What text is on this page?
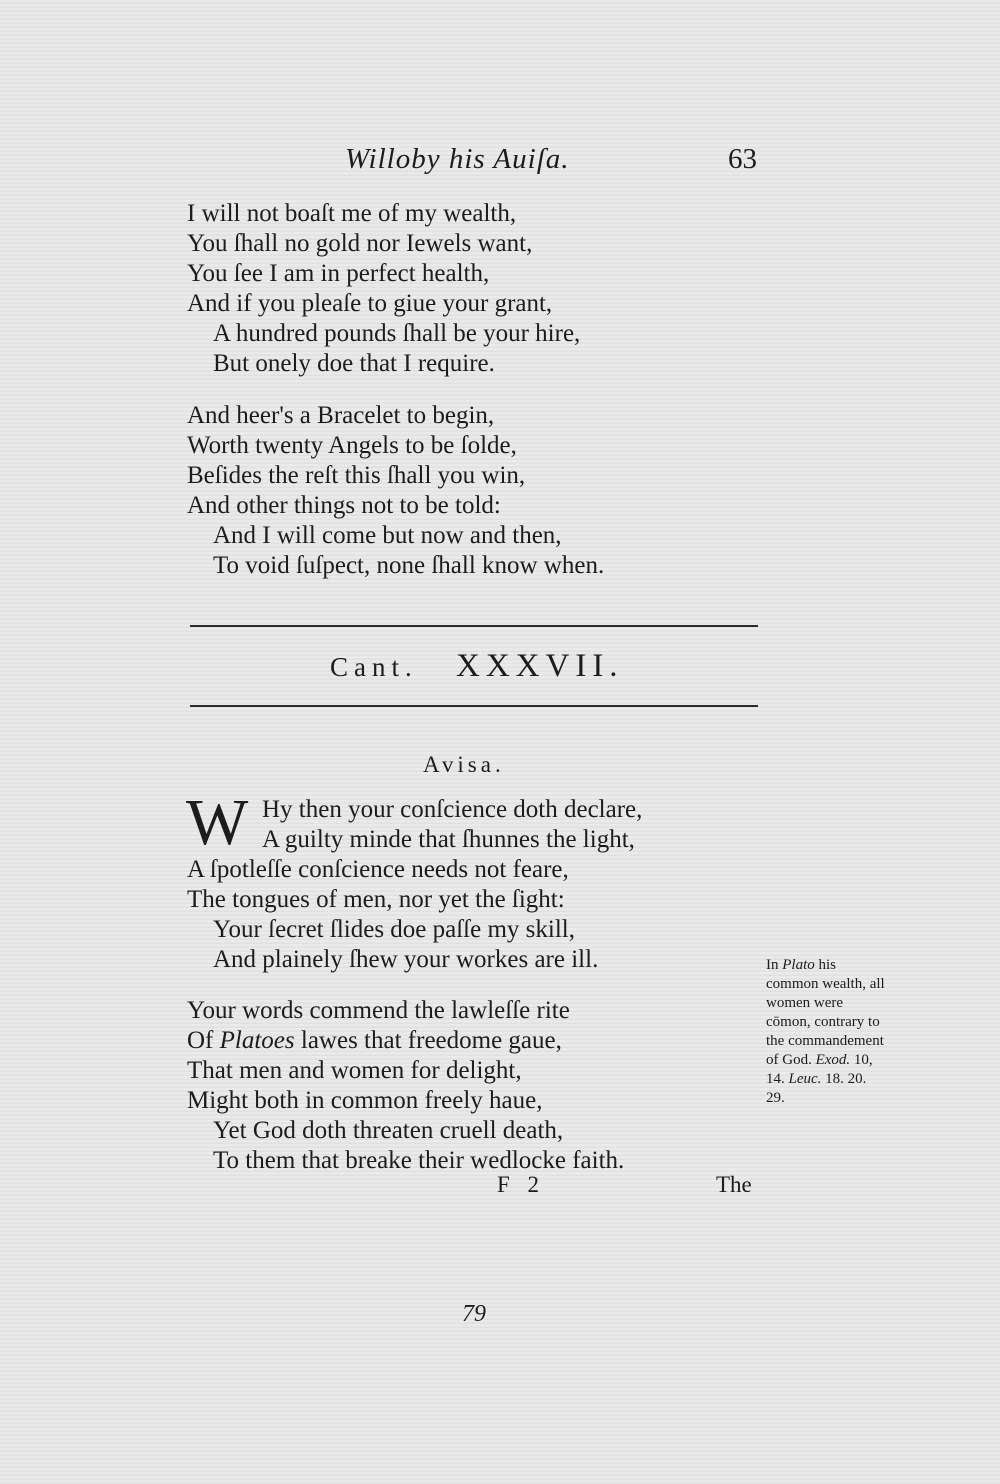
Willoby his Auiſa.	63
I will not boaſt me of my wealth,
You ſhall no gold nor Iewels want,
You ſee I am in perfect health,
And if you pleaſe to giue your grant,
A hundred pounds ſhall be your hire,
But onely doe that I require.
And heer's a Bracelet to begin,
Worth twenty Angels to be ſolde,
Beſides the reſt this ſhall you win,
And other things not to be told:
And I will come but now and then,
To void ſuſpect, none ſhall know when.
Cant. XXXVII.
Avisa.
W Hy then your conſcience doth declare,
A guilty minde that ſhunnes the light,
A ſpotleſſe conſcience needs not feare,
The tongues of men, nor yet the ſight:
Your ſecret ſlides doe paſſe my skill,
And plainely ſhew your workes are ill.
Your words commend the lawleſſe rite
Of Platoes lawes that freedome gaue,
That men and women for delight,
Might both in common freely haue,
Yet God doth threaten cruell death,
To them that breake their wedlocke faith.
In Plato his common wealth, all women were cōmon, contrary to the commandement of God. Exod. 10, 14. Leuc. 18. 20. 29.
F 2	The
79
